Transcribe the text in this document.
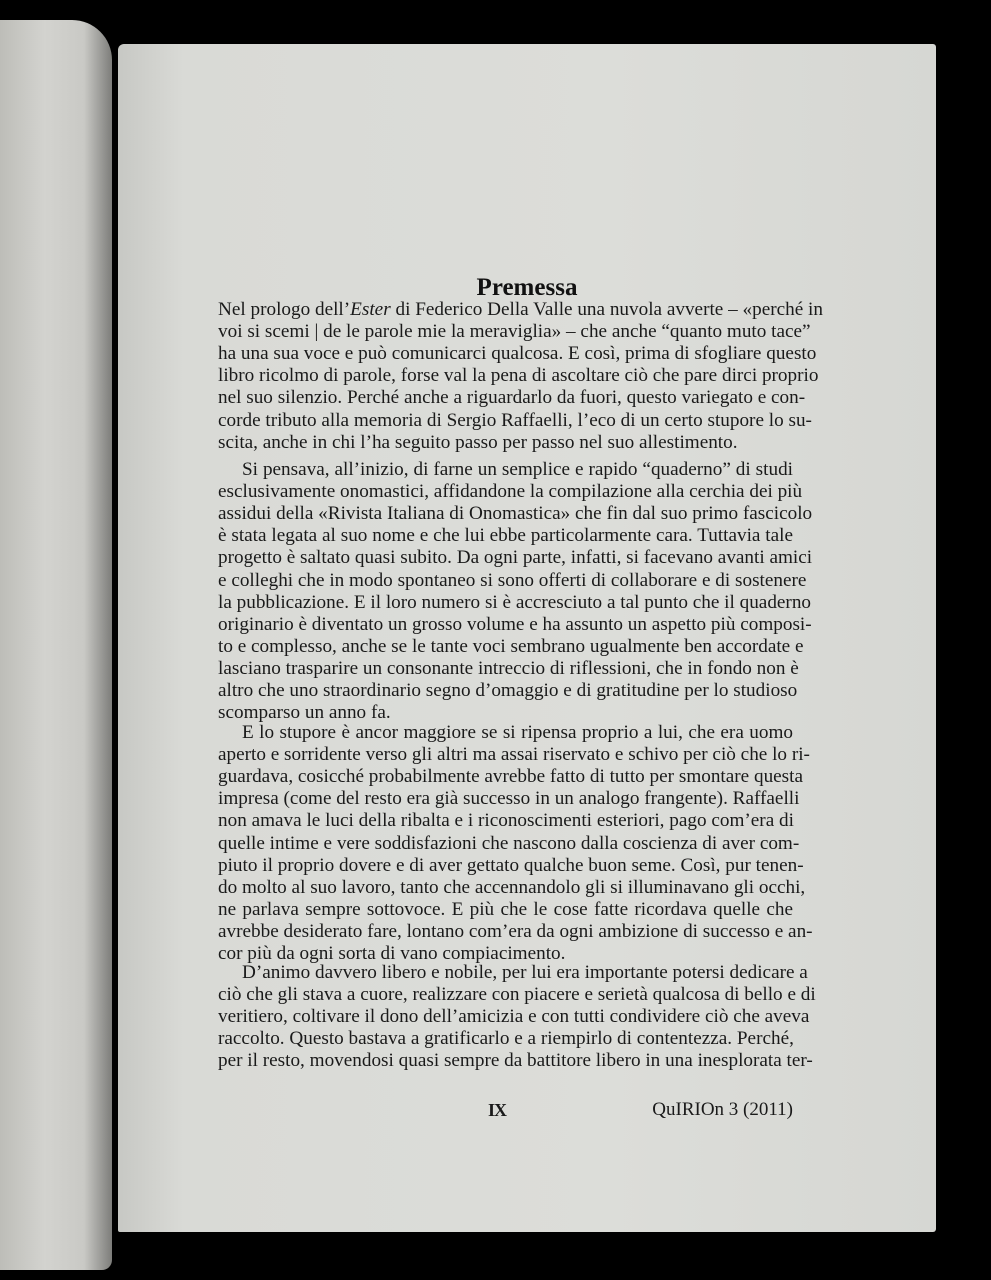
Premessa
Nel prologo dell’Ester di Federico Della Valle una nuvola avverte – «perché in
voi si scemi | de le parole mie la meraviglia» – che anche “quanto muto tace”
ha una sua voce e può comunicarci qualcosa. E così, prima di sfogliare questo
libro ricolmo di parole, forse val la pena di ascoltare ciò che pare dirci proprio
nel suo silenzio. Perché anche a riguardarlo da fuori, questo variegato e con-
corde tributo alla memoria di Sergio Raffaelli, l’eco di un certo stupore lo su-
scita, anche in chi l’ha seguito passo per passo nel suo allestimento.
Si pensava, all’inizio, di farne un semplice e rapido “quaderno” di studi
esclusivamente onomastici, affidandone la compilazione alla cerchia dei più
assidui della «Rivista Italiana di Onomastica» che fin dal suo primo fascicolo
è stata legata al suo nome e che lui ebbe particolarmente cara. Tuttavia tale
progetto è saltato quasi subito. Da ogni parte, infatti, si facevano avanti amici
e colleghi che in modo spontaneo si sono offerti di collaborare e di sostenere
la pubblicazione. E il loro numero si è accresciuto a tal punto che il quaderno
originario è diventato un grosso volume e ha assunto un aspetto più composi-
to e complesso, anche se le tante voci sembrano ugualmente ben accordate e
lasciano trasparire un consonante intreccio di riflessioni, che in fondo non è
altro che uno straordinario segno d’omaggio e di gratitudine per lo studioso
scomparso un anno fa.
E lo stupore è ancor maggiore se si ripensa proprio a lui, che era uomo
aperto e sorridente verso gli altri ma assai riservato e schivo per ciò che lo ri-
guardava, cosicché probabilmente avrebbe fatto di tutto per smontare questa
impresa (come del resto era già successo in un analogo frangente). Raffaelli
non amava le luci della ribalta e i riconoscimenti esteriori, pago com’era di
quelle intime e vere soddisfazioni che nascono dalla coscienza di aver com-
piuto il proprio dovere e di aver gettato qualche buon seme. Così, pur tenen-
do molto al suo lavoro, tanto che accennandolo gli si illuminavano gli occhi,
ne parlava sempre sottovoce. E più che le cose fatte ricordava quelle che
avrebbe desiderato fare, lontano com’era da ogni ambizione di successo e an-
cor più da ogni sorta di vano compiacimento.
D’animo davvero libero e nobile, per lui era importante potersi dedicare a
ciò che gli stava a cuore, realizzare con piacere e serietà qualcosa di bello e di
veritiero, coltivare il dono dell’amicizia e con tutti condividere ciò che aveva
raccolto. Questo bastava a gratificarlo e a riempirlo di contentezza. Perché,
per il resto, movendosi quasi sempre da battitore libero in una inesplorata ter-
IX	QuIRIOn 3 (2011)
